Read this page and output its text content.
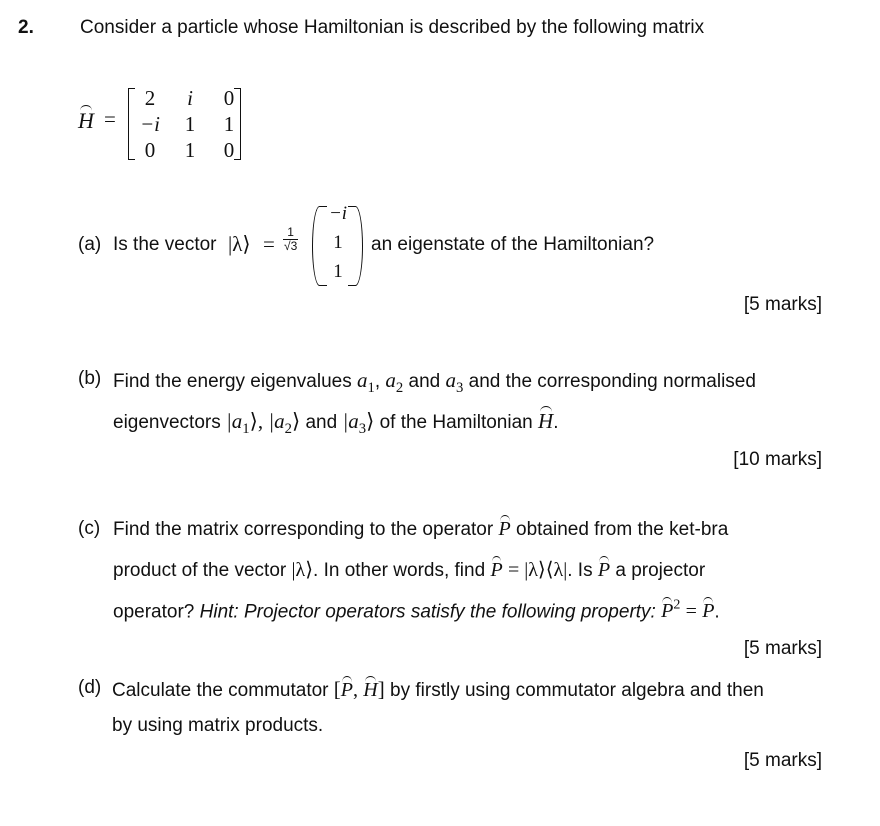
2. Consider a particle whose Hamiltonian is described by the following matrix
H =
2	i	0
−i	1	1
0	1	0
(a) Is the vector |λ⟩ = $\frac{1}{√3}$
−i
1
1
an eigenstate of the Hamiltonian?
[5 marks]
(b) Find the energy eigenvalues $a_1$, $a_2$ and $a_3$ and the corresponding normalised
eigenvectors $|a_1⟩$, $|a_2⟩$ and $|a_3⟩$ of the Hamiltonian H.
[10 marks]
(c) Find the matrix corresponding to the operator P obtained from the ket-bra
product of the vector |λ⟩. In other words, find P = |λ⟩⟨λ|. Is P a projector
operator? Hint: Projector operators satisfy the following property: $P^2 = P$.
[5 marks]
(d) Calculate the commutator [P, H] by firstly using commutator algebra and then
by using matrix products.
[5 marks]
